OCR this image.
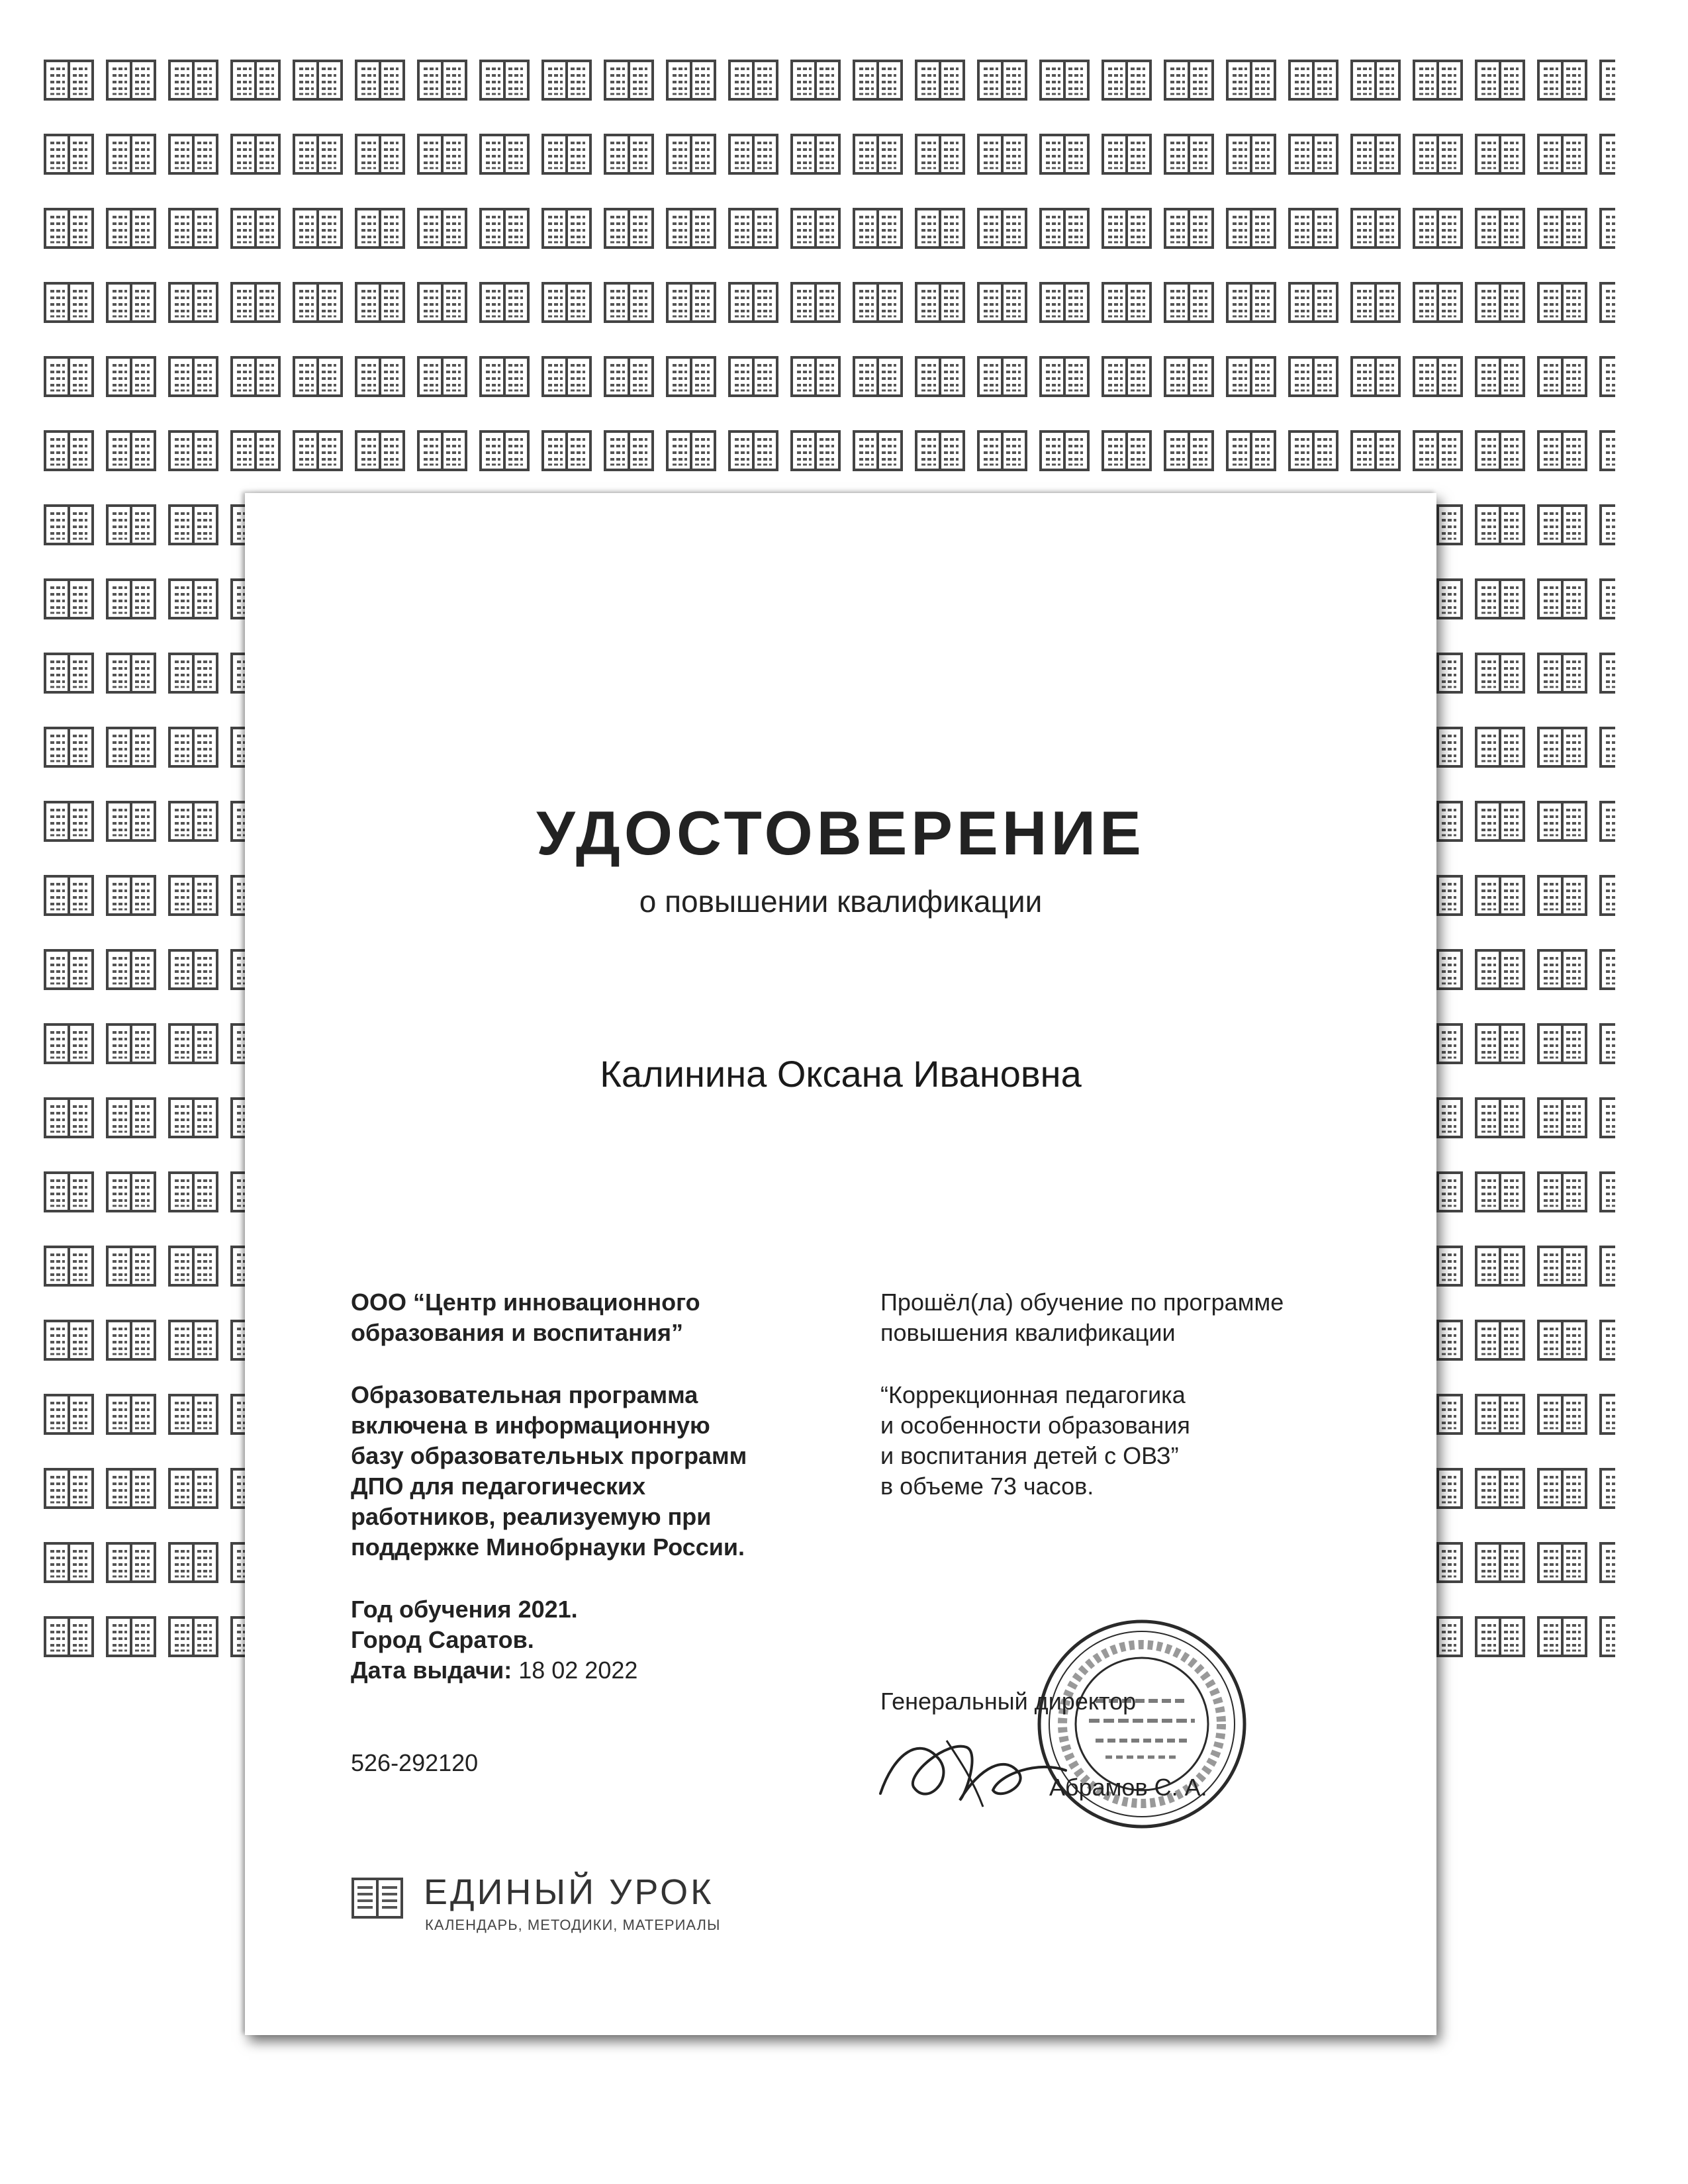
УДОСТОВЕРЕНИЕ
о повышении квалификации
Калинина Оксана Ивановна
ООО “Центр инновационного
образования и воспитания”
Образовательная программа
включена в информационную
базу образовательных программ
ДПО для педагогических
работников, реализуемую при
поддержке Минобрнауки России.
Год обучения 2021.
Город Саратов.
Дата выдачи: 18 02 2022
526-292120
Прошёл(ла) обучение по программе
повышения квалификации
“Коррекционная педагогика
и особенности образования
и воспитания детей с ОВЗ”
в объеме 73 часов.
Генеральный директор
Абрамов С. А.
ЕДИНЫЙ УРОК
КАЛЕНДАРЬ, МЕТОДИКИ, МАТЕРИАЛЫ
